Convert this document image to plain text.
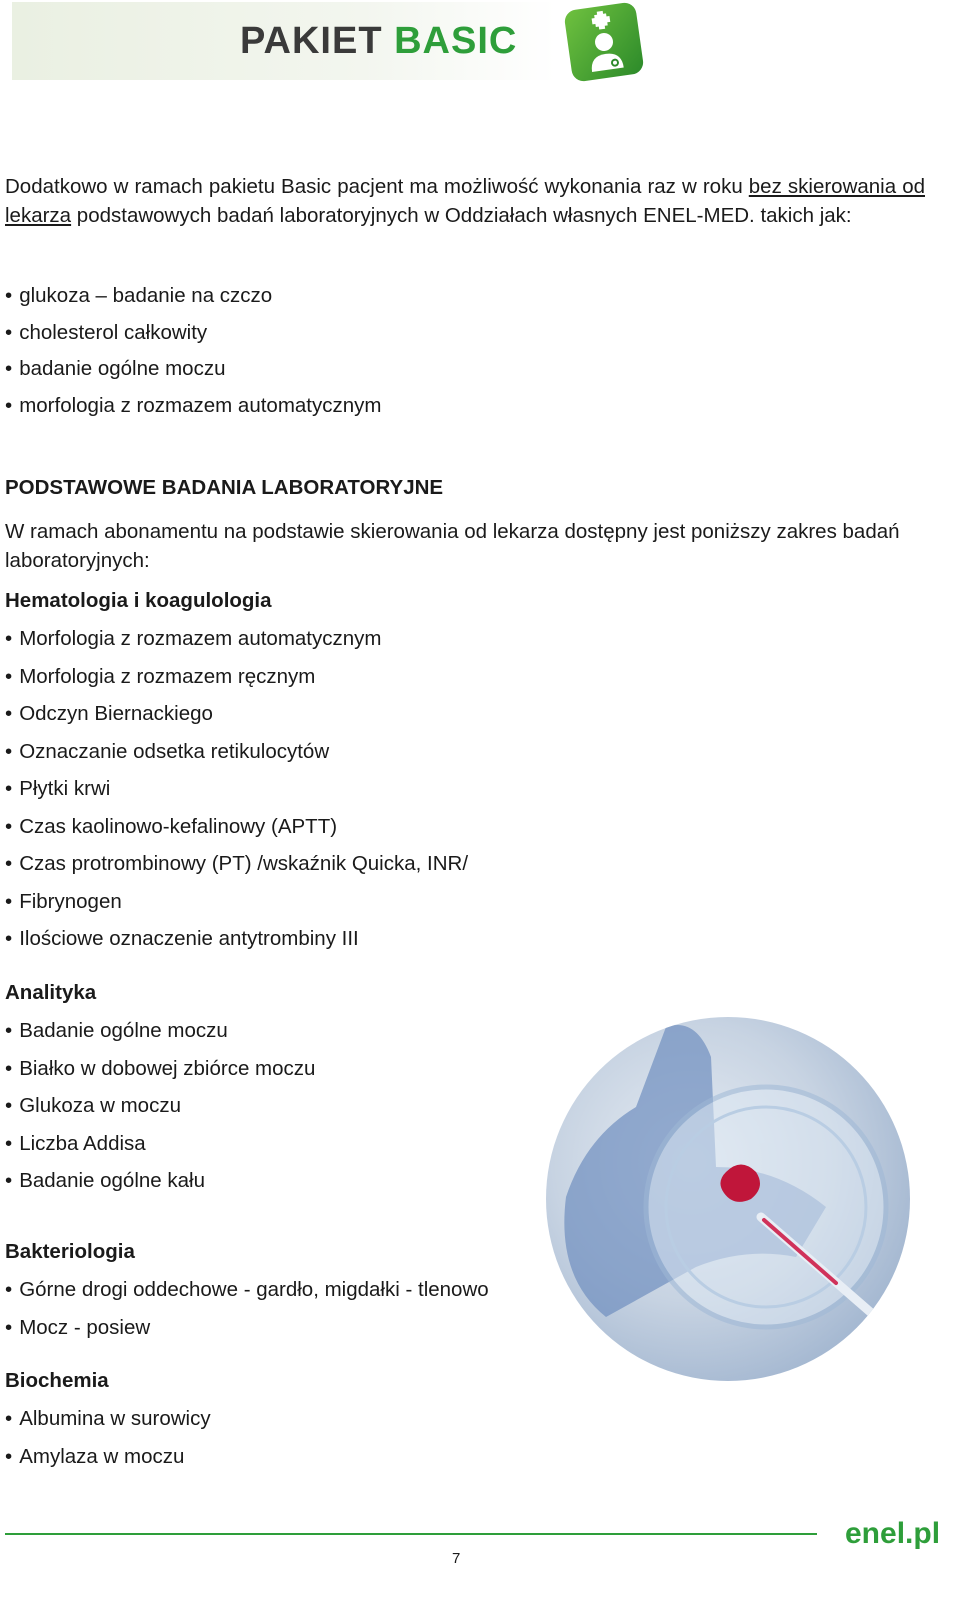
PAKIET BASIC
Dodatkowo w ramach pakietu Basic pacjent ma możliwość wykonania raz w roku bez skierowania od lekarza podstawowych badań laboratoryjnych w Oddziałach własnych ENEL-MED. takich jak:
• glukoza – badanie na czczo
• cholesterol całkowity
• badanie ogólne moczu
• morfologia z rozmazem automatycznym
PODSTAWOWE BADANIA LABORATORYJNE
W ramach abonamentu na podstawie skierowania od lekarza dostępny jest poniższy zakres badań laboratoryjnych:
Hematologia i koagulologia
• Morfologia z rozmazem automatycznym
• Morfologia z rozmazem ręcznym
• Odczyn Biernackiego
• Oznaczanie odsetka retikulocytów
• Płytki krwi
• Czas kaolinowo-kefalinowy (APTT)
• Czas protrombinowy (PT) /wskaźnik Quicka, INR/
• Fibrynogen
• Ilościowe oznaczenie antytrombiny III
Analityka
• Badanie ogólne moczu
• Białko w dobowej zbiórce moczu
• Glukoza w moczu
• Liczba Addisa
• Badanie ogólne kału
Bakteriologia
• Górne drogi oddechowe - gardło, migdałki - tlenowo
• Mocz - posiew
Biochemia
• Albumina w surowicy
• Amylaza w moczu
enel.pl
7
